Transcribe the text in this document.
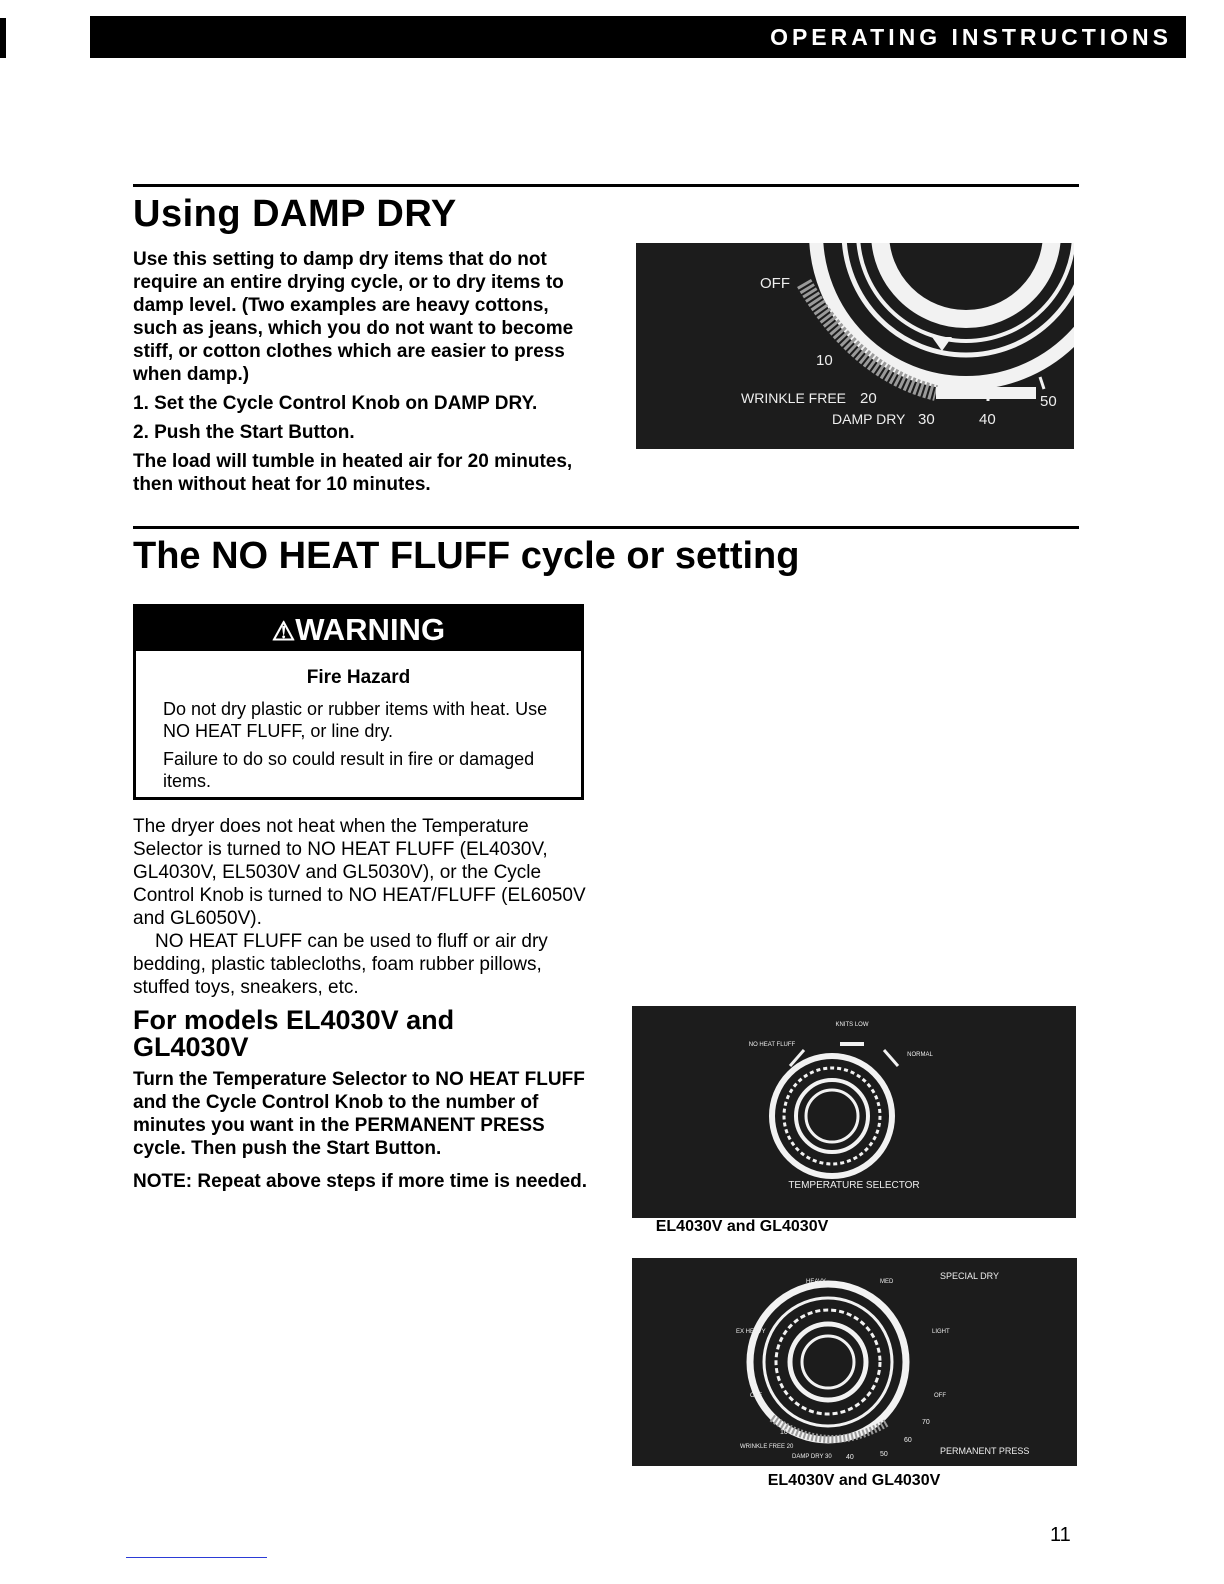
OPERATING INSTRUCTIONS
Using DAMP DRY

Use this setting to damp dry items that do not require an entire drying cycle, or to dry items to damp level. (Two examples are heavy cottons, such as jeans, which you do not want to become stiff, or cotton clothes which are easier to press when damp.)

1. Set the Cycle Control Knob on DAMP DRY.

2. Push the Start Button.

The load will tumble in heated air for 20 minutes, then without heat for 10 minutes.

OFF
10
WRINKLE FREE 20
DAMP DRY 30	40
50
The NO HEAT FLUFF cycle or setting
⚠WARNING
Fire Hazard
Do not dry plastic or rubber items with heat. Use NO HEAT FLUFF, or line dry.
Failure to do so could result in fire or damaged items.

The dryer does not heat when the Temperature Selector is turned to NO HEAT FLUFF (EL4030V, GL4030V, EL5030V and GL5030V), or the Cycle Control Knob is turned to NO HEAT/FLUFF (EL6050V and GL6050V).

NO HEAT FLUFF can be used to fluff or air dry bedding, plastic tablecloths, foam rubber pillows, stuffed toys, sneakers, etc.

For models EL4030V and GL4030V

Turn the Temperature Selector to NO HEAT FLUFF and the Cycle Control Knob to the number of minutes you want in the PERMANENT PRESS cycle. Then push the Start Button.

NOTE: Repeat above steps if more time is needed.

KNITS LOW
NO HEAT FLUFF
NORMAL
TEMPERATURE SELECTOR
EL4030V and GL4030V
HEAVY	MED
SPECIAL DRY
EX HEAVY	LIGHT
OFF	OFF
10
WRINKLE FREE 20
DAMP DRY 30 40	50
60
70
PERMANENT PRESS
EL4030V and GL4030V
11
